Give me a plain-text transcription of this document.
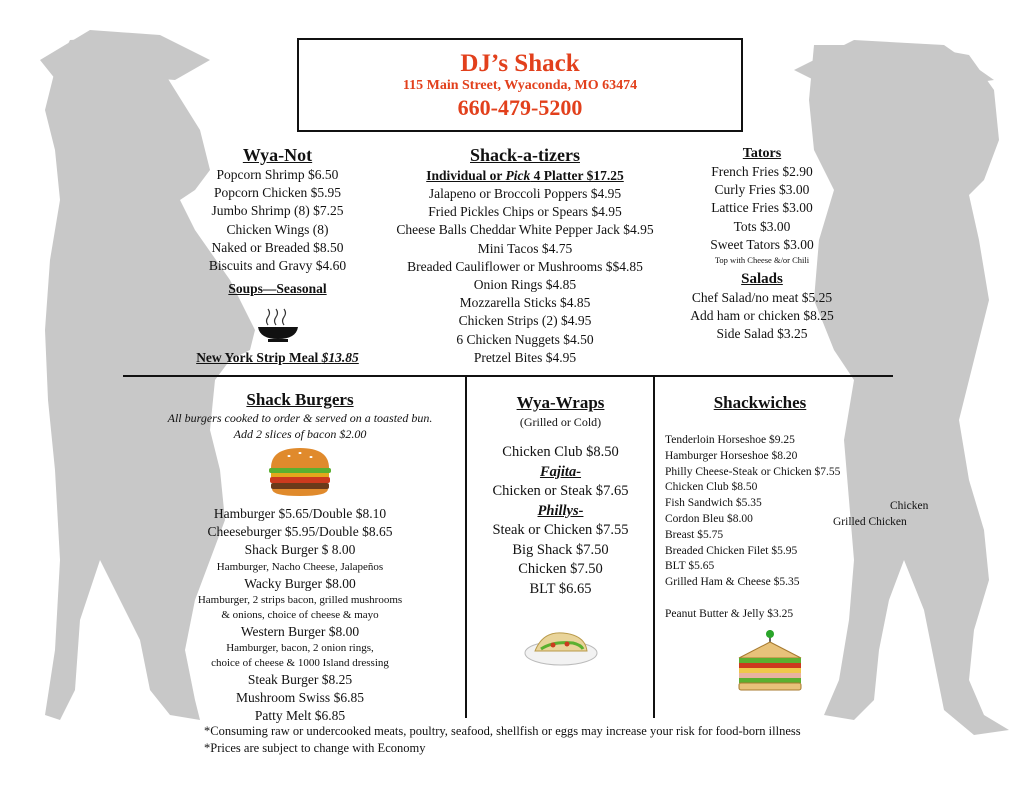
DJ’s Shack
115 Main Street, Wyaconda, MO 63474
660-479-5200
Wya-Not
Popcorn Shrimp $6.50
Popcorn Chicken $5.95
Jumbo Shrimp (8) $7.25
Chicken Wings (8)
Naked or Breaded $8.50
Biscuits and Gravy $4.60
Soups—Seasonal
New York Strip Meal $13.85
Shack-a-tizers
Individual or Pick 4 Platter $17.25
Jalapeno or Broccoli Poppers $4.95
Fried Pickles Chips or Spears $4.95
Cheese Balls Cheddar White Pepper Jack $4.95
Mini Tacos $4.75
Breaded Cauliflower or Mushrooms $$4.85
Onion Rings $4.85
Mozzarella Sticks $4.85
Chicken Strips (2) $4.95
6 Chicken Nuggets $4.50
Pretzel Bites $4.95
Tators
French Fries $2.90
Curly Fries $3.00
Lattice Fries $3.00
Tots $3.00
Sweet Tators $3.00
Top with Cheese &/or Chili
Salads
Chef Salad/no meat $5.25
Add ham or chicken $8.25
Side Salad $3.25
Shack Burgers
All burgers cooked to order & served on a toasted bun.
Add 2 slices of bacon $2.00
Hamburger $5.65/Double $8.10
Cheeseburger $5.95/Double $8.65
Shack Burger $ 8.00
Hamburger, Nacho Cheese, Jalapeños
Wacky Burger $8.00
Hamburger, 2 strips bacon, grilled mushrooms
& onions, choice of cheese & mayo
Western Burger $8.00
Hamburger, bacon, 2 onion rings,
choice of cheese & 1000 Island dressing
Steak Burger $8.25
Mushroom Swiss $6.85
Patty Melt $6.85
Wya-Wraps
(Grilled or Cold)
Chicken Club $8.50
Fajita-
Chicken or Steak $7.65
Phillys-
Steak or Chicken $7.55
Big Shack $7.50
Chicken $7.50
BLT $6.65
Shackwiches
Tenderloin Horseshoe $9.25
Hamburger Horseshoe $8.20
Philly Cheese-Steak or Chicken $7.55
Chicken Club $8.50
Fish Sandwich $5.35
Cordon Bleu $8.00
Breast $5.75
Breaded Chicken Filet $5.95
BLT $5.65
Grilled Ham & Cheese $5.35
Peanut Butter & Jelly $3.25
Chicken
Grilled Chicken
*Consuming raw or undercooked meats, poultry, seafood, shellfish or eggs may increase your risk for food-born illness
*Prices are subject to change with Economy
